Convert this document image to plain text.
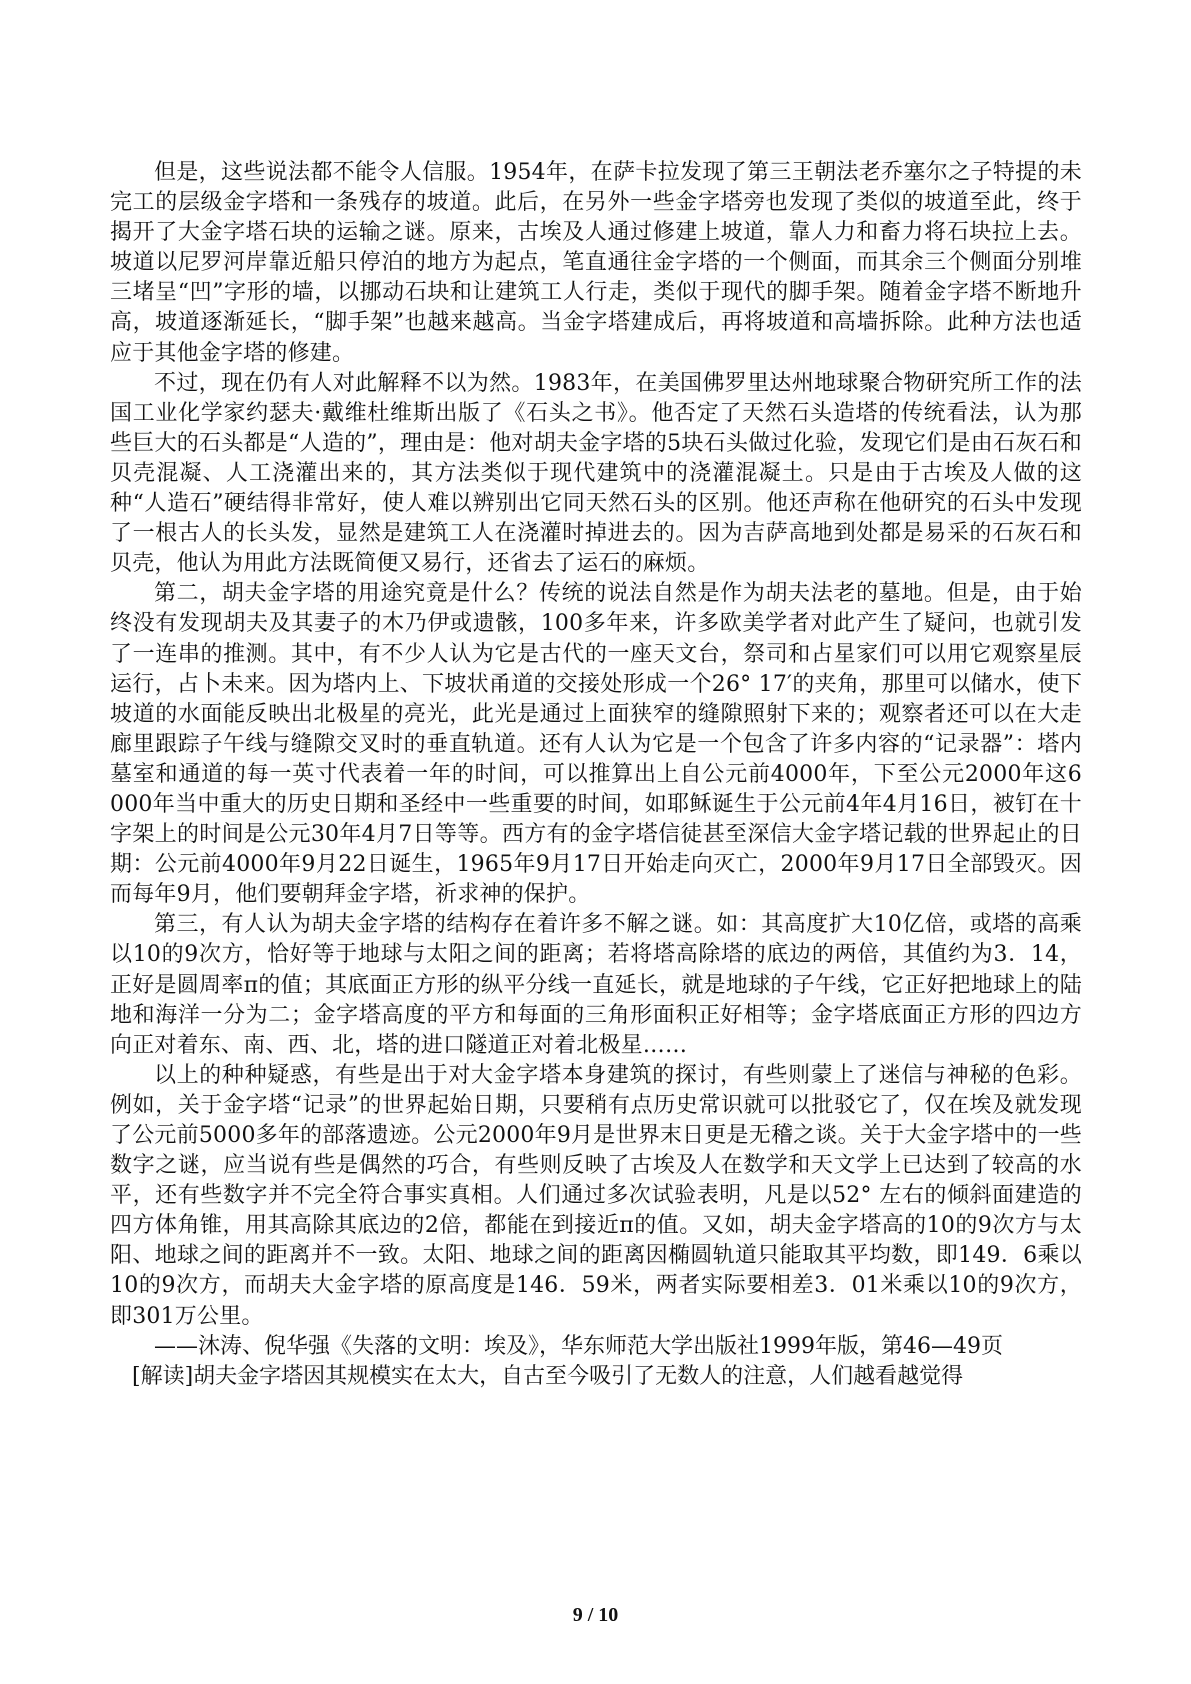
但是，这些说法都不能令人信服。1954年，在萨卡拉发现了第三王朝法老乔塞尔之子特提的未完工的层级金字塔和一条残存的坡道。此后，在另外一些金字塔旁也发现了类似的坡道至此，终于揭开了大金字塔石块的运输之谜。原来，古埃及人通过修建上坡道，靠人力和畜力将石块拉上去。坡道以尼罗河岸靠近船只停泊的地方为起点，笔直通往金字塔的一个侧面，而其余三个侧面分别堆三堵呈“凹”字形的墙，以挪动石块和让建筑工人行走，类似于现代的脚手架。随着金字塔不断地升高，坡道逐渐延长，“脚手架”也越来越高。当金字塔建成后，再将坡道和高墙拆除。此种方法也适应于其他金字塔的修建。

不过，现在仍有人对此解释不以为然。1983年，在美国佛罗里达州地球聚合物研究所工作的法国工业化学家约瑟夫·戴维杜维斯出版了《石头之书》。他否定了天然石头造塔的传统看法，认为那些巨大的石头都是“人造的”，理由是：他对胡夫金字塔的5块石头做过化验，发现它们是由石灰石和贝壳混凝、人工浇灌出来的，其方法类似于现代建筑中的浇灌混凝土。只是由于古埃及人做的这种“人造石”硬结得非常好，使人难以辨别出它同天然石头的区别。他还声称在他研究的石头中发现了一根古人的长头发，显然是建筑工人在浇灌时掉进去的。因为吉萨高地到处都是易采的石灰石和贝壳，他认为用此方法既简便又易行，还省去了运石的麻烦。

第二，胡夫金字塔的用途究竟是什么？传统的说法自然是作为胡夫法老的墓地。但是，由于始终没有发现胡夫及其妻子的木乃伊或遗骸，100多年来，许多欧美学者对此产生了疑问，也就引发了一连串的推测。其中，有不少人认为它是古代的一座天文台，祭司和占星家们可以用它观察星辰运行，占卜未来。因为塔内上、下坡状甬道的交接处形成一个26° 17′的夹角，那里可以储水，使下坡道的水面能反映出北极星的亮光，此光是通过上面狭窄的缝隙照射下来的；观察者还可以在大走廊里跟踪子午线与缝隙交叉时的垂直轨道。还有人认为它是一个包含了许多内容的“记录器”：塔内墓室和通道的每一英寸代表着一年的时间，可以推算出上自公元前4000年，下至公元2000年这6 000年当中重大的历史日期和圣经中一些重要的时间，如耶稣诞生于公元前4年4月16日，被钉在十字架上的时间是公元30年4月7日等等。西方有的金字塔信徒甚至深信大金字塔记载的世界起止的日期：公元前4000年9月22日诞生，1965年9月17日开始走向灭亡，2000年9月17日全部毁灭。因而每年9月，他们要朝拜金字塔，祈求神的保护。

第三，有人认为胡夫金字塔的结构存在着许多不解之谜。如：其高度扩大10亿倍，或塔的高乘以10的9次方，恰好等于地球与太阳之间的距离；若将塔高除塔的底边的两倍，其值约为3．14，正好是圆周率π的值；其底面正方形的纵平分线一直延长，就是地球的子午线，它正好把地球上的陆地和海洋一分为二；金字塔高度的平方和每面的三角形面积正好相等；金字塔底面正方形的四边方向正对着东、南、西、北，塔的进口隧道正对着北极星……

以上的种种疑惑，有些是出于对大金字塔本身建筑的探讨，有些则蒙上了迷信与神秘的色彩。例如，关于金字塔“记录”的世界起始日期，只要稍有点历史常识就可以批驳它了，仅在埃及就发现了公元前5000多年的部落遗迹。公元2000年9月是世界末日更是无稽之谈。关于大金字塔中的一些数字之谜，应当说有些是偶然的巧合，有些则反映了古埃及人在数学和天文学上已达到了较高的水平，还有些数字并不完全符合事实真相。人们通过多次试验表明，凡是以52° 左右的倾斜面建造的四方体角锥，用其高除其底边的2倍，都能在到接近π的值。又如，胡夫金字塔高的10的9次方与太阳、地球之间的距离并不一致。太阳、地球之间的距离因椭圆轨道只能取其平均数，即149．6乘以10的9次方，而胡夫大金字塔的原高度是146．59米，两者实际要相差3．01米乘以10的9次方，即301万公里。

——沐涛、倪华强《失落的文明：埃及》，华东师范大学出版社1999年版，第46—49页

[解读]胡夫金字塔因其规模实在太大，自古至今吸引了无数人的注意，人们越看越觉得

9 / 10
